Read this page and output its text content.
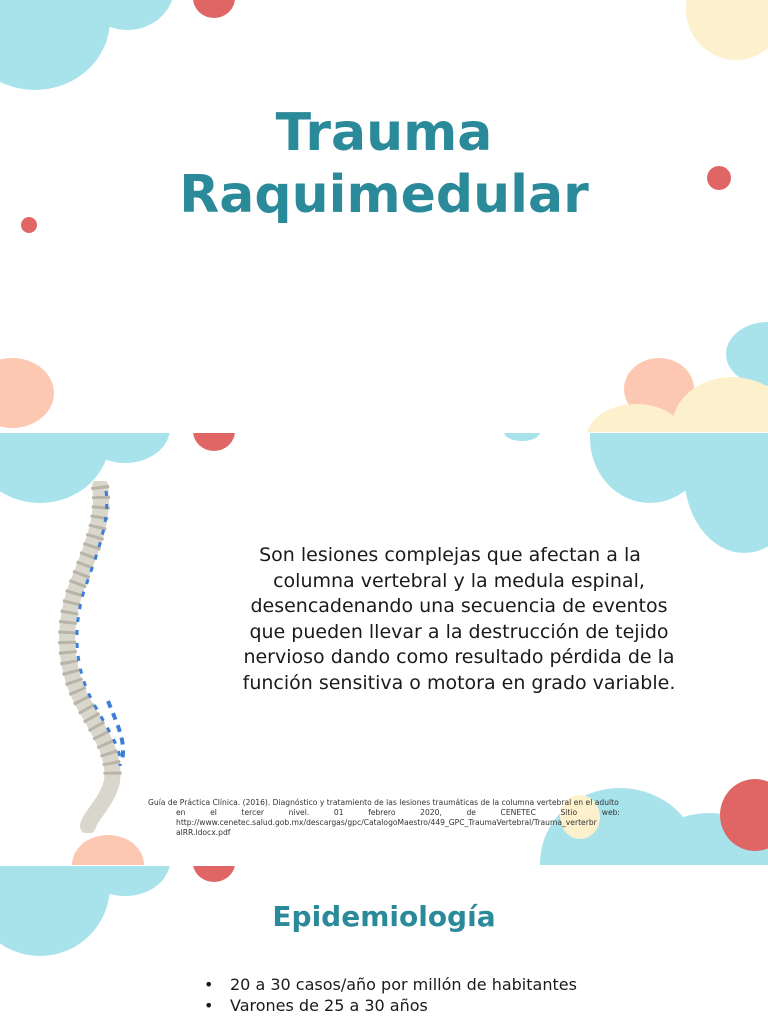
Trauma
Raquimedular

Son lesiones complejas que afectan a la
columna vertebral y la medula espinal,
desencadenando una secuencia de eventos
que pueden llevar a la destrucción de tejido
nervioso dando como resultado pérdida de la
función sensitiva o motora en grado variable.

Guía de Práctica Clínica. (2016). Diagnóstico y tratamiento de las lesiones traumáticas de la columna vertebral en el adulto
en el tercer nivel. 01 febrero 2020, de CENETEC Sitio web:
http://www.cenetec.salud.gob.mx/descargas/gpc/CatalogoMaestro/449_GPC_TraumaVertebral/Trauma_verterbr
alRR.ldocx.pdf
Epidemiología
• 20 a 30 casos/año por millón de habitantes
• Varones de 25 a 30 años
